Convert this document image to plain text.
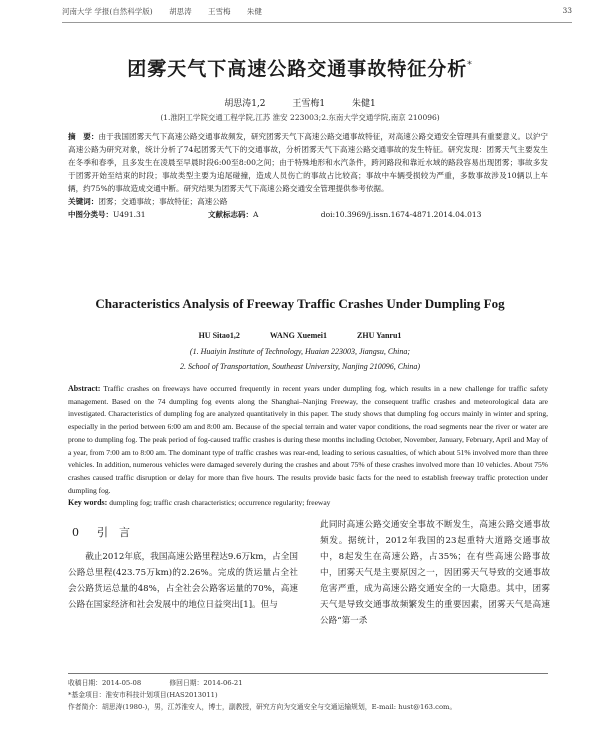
河南大学 学报(自然科学版) 胡思涛 王雪梅 朱健	33
团雾天气下高速公路交通事故特征分析*
胡思涛1,2	王雪梅1	朱健1
(1.淮阴工学院交通工程学院,江苏 淮安 223003;2.东南大学交通学院,南京 210096)
摘　要：由于我国团雾天气下高速公路交通事故频发，研究团雾天气下高速公路交通事故特征，对高速公路交通安全管理具有重要意义。以沪宁高速公路为研究对象，统计分析了74起团雾天气下的交通事故，分析团雾天气下高速公路交通事故的发生特征。研究发现：团雾天气主要发生在冬季和春季，且多发生在凌晨至早晨时段6:00至8:00之间；由于特殊地形和水汽条件，跨河路段和靠近水域的路段容易出现团雾；事故多发于团雾开始至结束的时段；事故类型主要为追尾碰撞，造成人员伤亡的事故占比较高；事故中车辆受损较为严重，多数事故涉及10辆以上车辆，约75%的事故造成交通中断。研究结果为团雾天气下高速公路交通安全管理提供参考依据。
关键词：团雾；交通事故；事故特征；高速公路
中图分类号：U491.31	文献标志码：A	doi:10.3969/j.issn.1674-4871.2014.04.013
Characteristics Analysis of Freeway Traffic Crashes Under Dumpling Fog
HU Sitao1,2	WANG Xuemei1	ZHU Yanru1
(1. Huaiyin Institute of Technology, Huaian 223003, Jiangsu, China;
2. School of Transportation, Southeast University, Nanjing 210096, China)
Abstract: Traffic crashes on freeways have occurred frequently in recent years under dumpling fog, which results in a new challenge for traffic safety management. Based on the 74 dumpling fog events along the Shanghai–Nanjing Freeway, the consequent traffic crashes and meteorological data are investigated. Characteristics of dumpling fog are analyzed quantitatively in this paper. The study shows that dumpling fog occurs mainly in winter and spring, especially in the period between 6:00 am and 8:00 am. Because of the special terrain and water vapor conditions, the road segments near the river or water are prone to dumpling fog. The peak period of fog-caused traffic crashes is during these months including October, November, January, February, April and May of a year, from 7:00 am to 8:00 am. The dominant type of traffic crashes was rear-end, leading to serious casualties, of which about 51% involved more than three vehicles. In addition, numerous vehicles were damaged severely during the crashes and about 75% of these crashes involved more than 10 vehicles. About 75% crashes caused traffic disruption or delay for more than five hours. The results provide basic facts for the need to establish freeway traffic protection under dumpling fog.
Key words: dumpling fog; traffic crash characteristics; occurrence regularity; freeway
0 引　言

截止2012年底，我国高速公路里程达9.6万km，占全国公路总里程(423.75万km)的2.26%。完成的货运量占全社会公路货运总量的48%，占全社会公路客运量的70%，高速公路在国家经济和社会发展中的地位日益突出[1]。但与

此同时高速公路交通安全事故不断发生，高速公路交通事故频发。据统计，2012年我国的23起重特大道路交通事故中，8起发生在高速公路，占35%；在有些高速公路事故中，团雾天气是主要原因之一，因团雾天气导致的交通事故危害严重，成为高速公路交通安全的一大隐患。其中，团雾天气是导致交通事故频繁发生的重要因素，团雾天气是高速公路“第一杀

收稿日期：2014-05-08	修回日期：2014-06-21
*基金项目：淮安市科技计划项目(HAS2013011)
作者简介：胡思涛(1980-)，男，江苏淮安人，博士，副教授，研究方向为交通安全与交通运输规划，E-mail: hust@163.com。
